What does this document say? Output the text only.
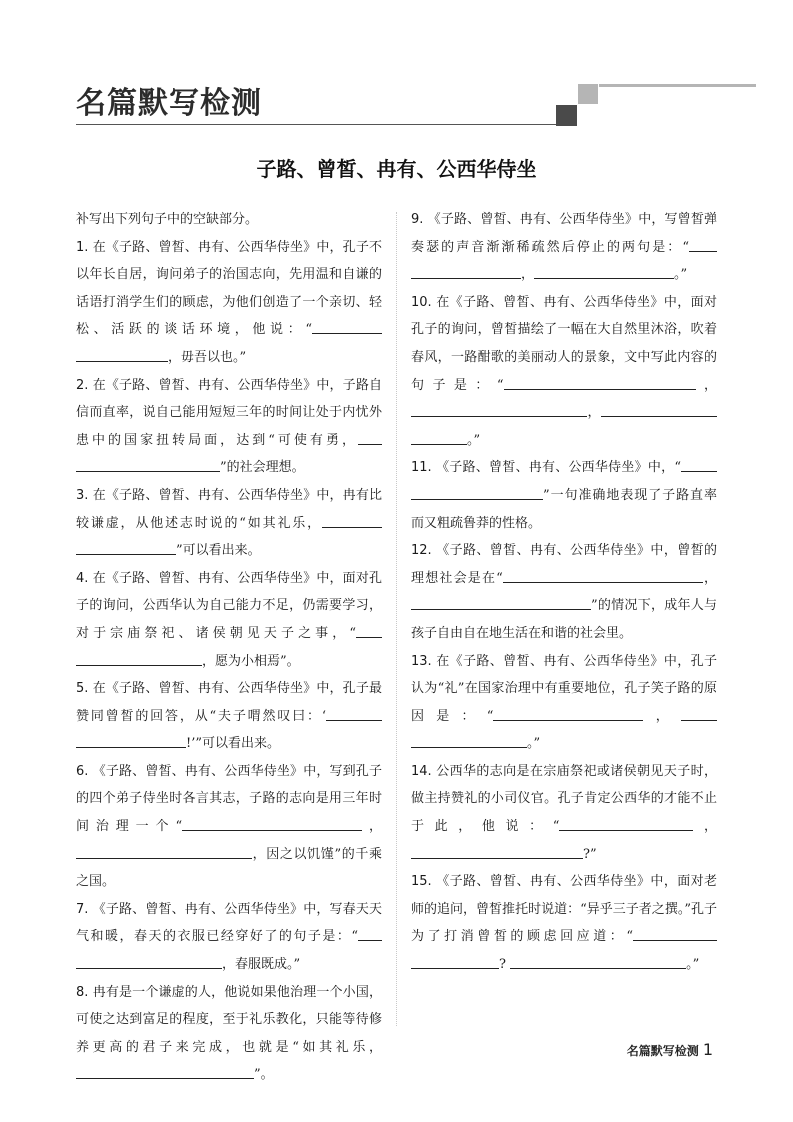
名篇默写检测
子路、曾皙、冉有、公西华侍坐

补写出下列句子中的空缺部分。

1. 在《子路、曾皙、冉有、公西华侍坐》中，孔子不以年长自居，询问弟子的治国志向，先用温和自谦的话语打消学生们的顾虑，为他们创造了一个亲切、轻松、活跃的谈话环境，他说：“ ，毋吾以也。”

2. 在《子路、曾皙、冉有、公西华侍坐》中，子路自信而直率，说自己能用短短三年的时间让处于内忧外患中的国家扭转局面，达到“可使有勇， ”的社会理想。

3. 在《子路、曾皙、冉有、公西华侍坐》中，冉有比较谦虚，从他述志时说的“如其礼乐， ”可以看出来。

4. 在《子路、曾皙、冉有、公西华侍坐》中，面对孔子的询问，公西华认为自己能力不足，仍需要学习，对于宗庙祭祀、诸侯朝见天子之事，“ ，愿为小相焉”。

5. 在《子路、曾皙、冉有、公西华侍坐》中，孔子最赞同曾皙的回答，从“夫子喟然叹曰：‘ !’”可以看出来。

6. 《子路、曾皙、冉有、公西华侍坐》中，写到孔子的四个弟子侍坐时各言其志，子路的志向是用三年时间治理一个“	， ，因之以饥馑”的千乘之国。

7. 《子路、曾皙、冉有、公西华侍坐》中，写春天天气和暖，春天的衣服已经穿好了的句子是：“ ，春服既成。”

8. 冉有是一个谦虚的人，他说如果他治理一个小国，可使之达到富足的程度，至于礼乐教化，只能等待修养更高的君子来完成，也就是“如其礼乐，”。

9. 《子路、曾皙、冉有、公西华侍坐》中，写曾皙弹奏瑟的声音渐渐稀疏然后停止的两句是：“ ，	。”

10. 在《子路、曾皙、冉有、公西华侍坐》中，面对孔子的询问，曾皙描绘了一幅在大自然里沐浴，吹着春风，一路酣歌的美丽动人的景象，文中写此内容的句子是：“	， ， 。”

11. 《子路、曾皙、冉有、公西华侍坐》中，“ ”一句准确地表现了子路直率而又粗疏鲁莽的性格。

12. 《子路、曾皙、冉有、公西华侍坐》中，曾皙的理想社会是在“	， ”的情况下，成年人与孩子自由自在地生活在和谐的社会里。

13. 在《子路、曾皙、冉有、公西华侍坐》中，孔子认为“礼”在国家治理中有重要地位，孔子笑子路的原因是：“	， 。”

14. 公西华的志向是在宗庙祭祀或诸侯朝见天子时，做主持赞礼的小司仪官。孔子肯定公西华的才能不止于此，他说：“	， ?”

15. 《子路、曾皙、冉有、公西华侍坐》中，面对老师的追问，曾皙推托时说道：“异乎三子者之撰。”孔子为了打消曾皙的顾虑回应道：“ ?	。”

名篇默写检测 1
